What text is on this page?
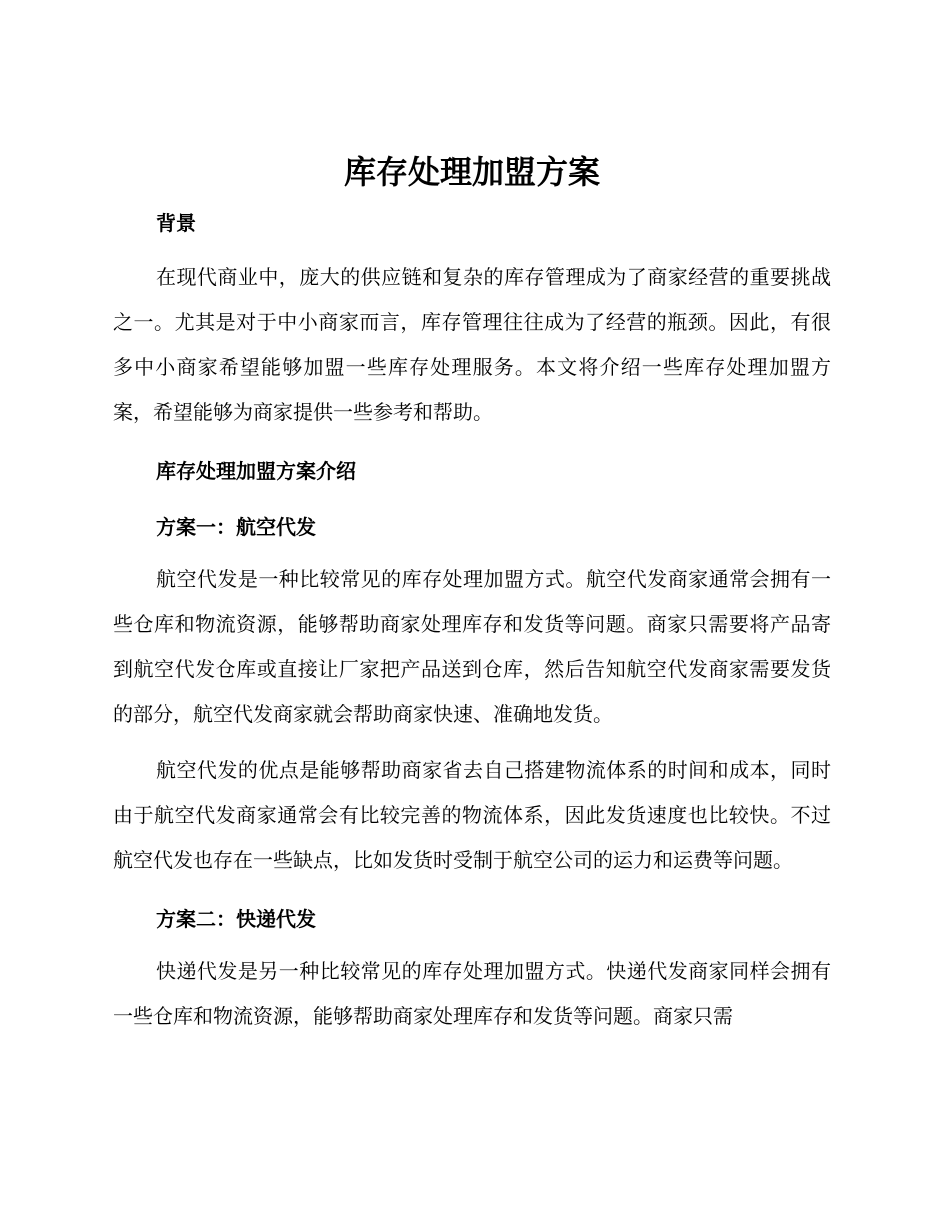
库存处理加盟方案
背景

在现代商业中，庞大的供应链和复杂的库存管理成为了商家经营的重要挑战之一。尤其是对于中小商家而言，库存管理往往成为了经营的瓶颈。因此，有很多中小商家希望能够加盟一些库存处理服务。本文将介绍一些库存处理加盟方案，希望能够为商家提供一些参考和帮助。

库存处理加盟方案介绍
方案一：航空代发

航空代发是一种比较常见的库存处理加盟方式。航空代发商家通常会拥有一些仓库和物流资源，能够帮助商家处理库存和发货等问题。商家只需要将产品寄到航空代发仓库或直接让厂家把产品送到仓库，然后告知航空代发商家需要发货的部分，航空代发商家就会帮助商家快速、准确地发货。

航空代发的优点是能够帮助商家省去自己搭建物流体系的时间和成本，同时由于航空代发商家通常会有比较完善的物流体系，因此发货速度也比较快。不过航空代发也存在一些缺点，比如发货时受制于航空公司的运力和运费等问题。

方案二：快递代发

快递代发是另一种比较常见的库存处理加盟方式。快递代发商家同样会拥有一些仓库和物流资源，能够帮助商家处理库存和发货等问题。商家只需
